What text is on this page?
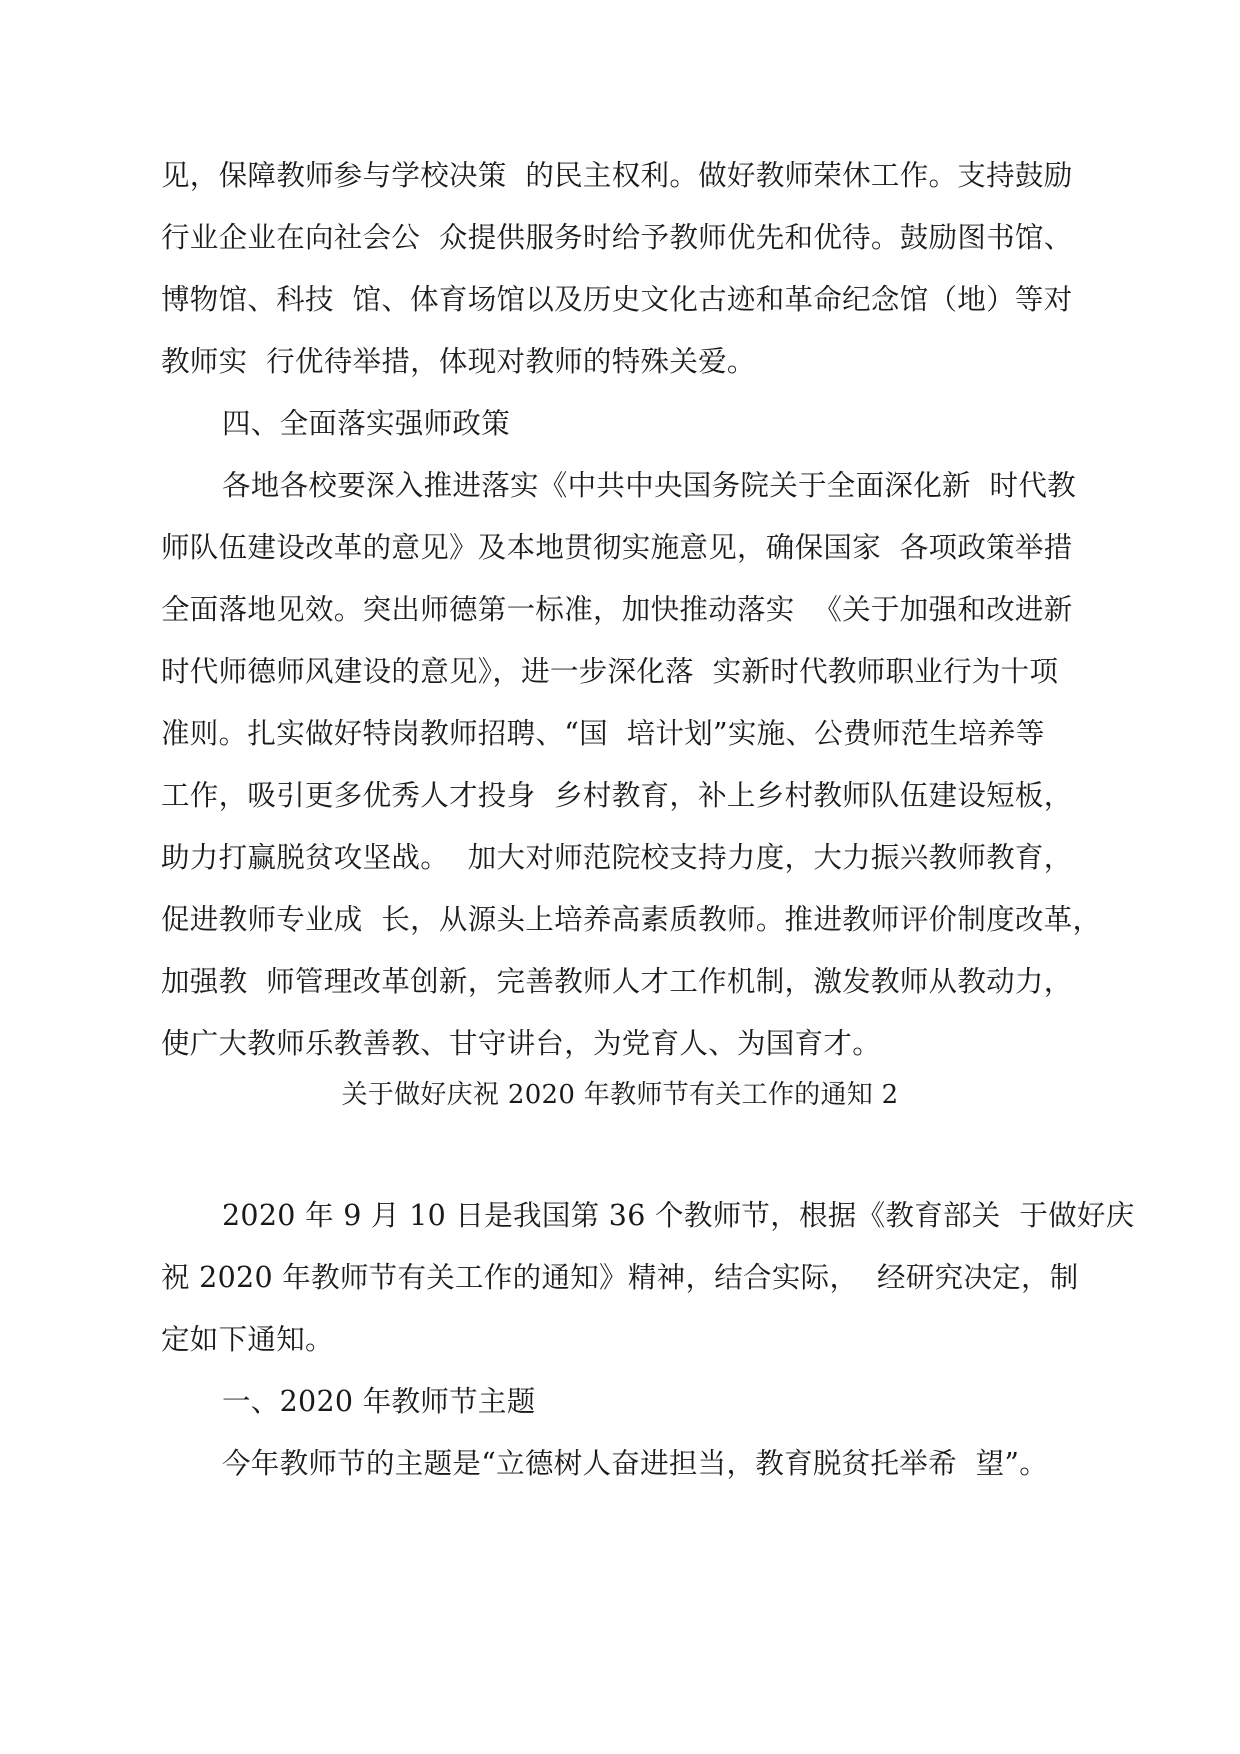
见，保障教师参与学校决策  的民主权利。做好教师荣休工作。支持鼓励
行业企业在向社会公  众提供服务时给予教师优先和优待。鼓励图书馆、
博物馆、科技  馆、体育场馆以及历史文化古迹和革命纪念馆（地）等对
教师实  行优待举措，体现对教师的特殊关爱。
四、全面落实强师政策
各地各校要深入推进落实《中共中央国务院关于全面深化新  时代教
师队伍建设改革的意见》及本地贯彻实施意见，确保国家  各项政策举措
全面落地见效。突出师德第一标准，加快推动落实  《关于加强和改进新
时代师德师风建设的意见》，进一步深化落  实新时代教师职业行为十项
准则。扎实做好特岗教师招聘、“国  培计划”实施、公费师范生培养等
工作，吸引更多优秀人才投身  乡村教育，补上乡村教师队伍建设短板，
助力打赢脱贫攻坚战。  加大对师范院校支持力度，大力振兴教师教育，
促进教师专业成  长，从源头上培养高素质教师。推进教师评价制度改革，
加强教  师管理改革创新，完善教师人才工作机制，激发教师从教动力，
使广大教师乐教善教、甘守讲台，为党育人、为国育才。
关于做好庆祝 2020 年教师节有关工作的通知 2
2020 年 9 月 10 日是我国第 36 个教师节，根据《教育部关  于做好庆
祝 2020 年教师节有关工作的通知》精神，结合实际，  经研究决定，制
定如下通知。
一、2020 年教师节主题
今年教师节的主题是“立德树人奋进担当，教育脱贫托举希  望”。
